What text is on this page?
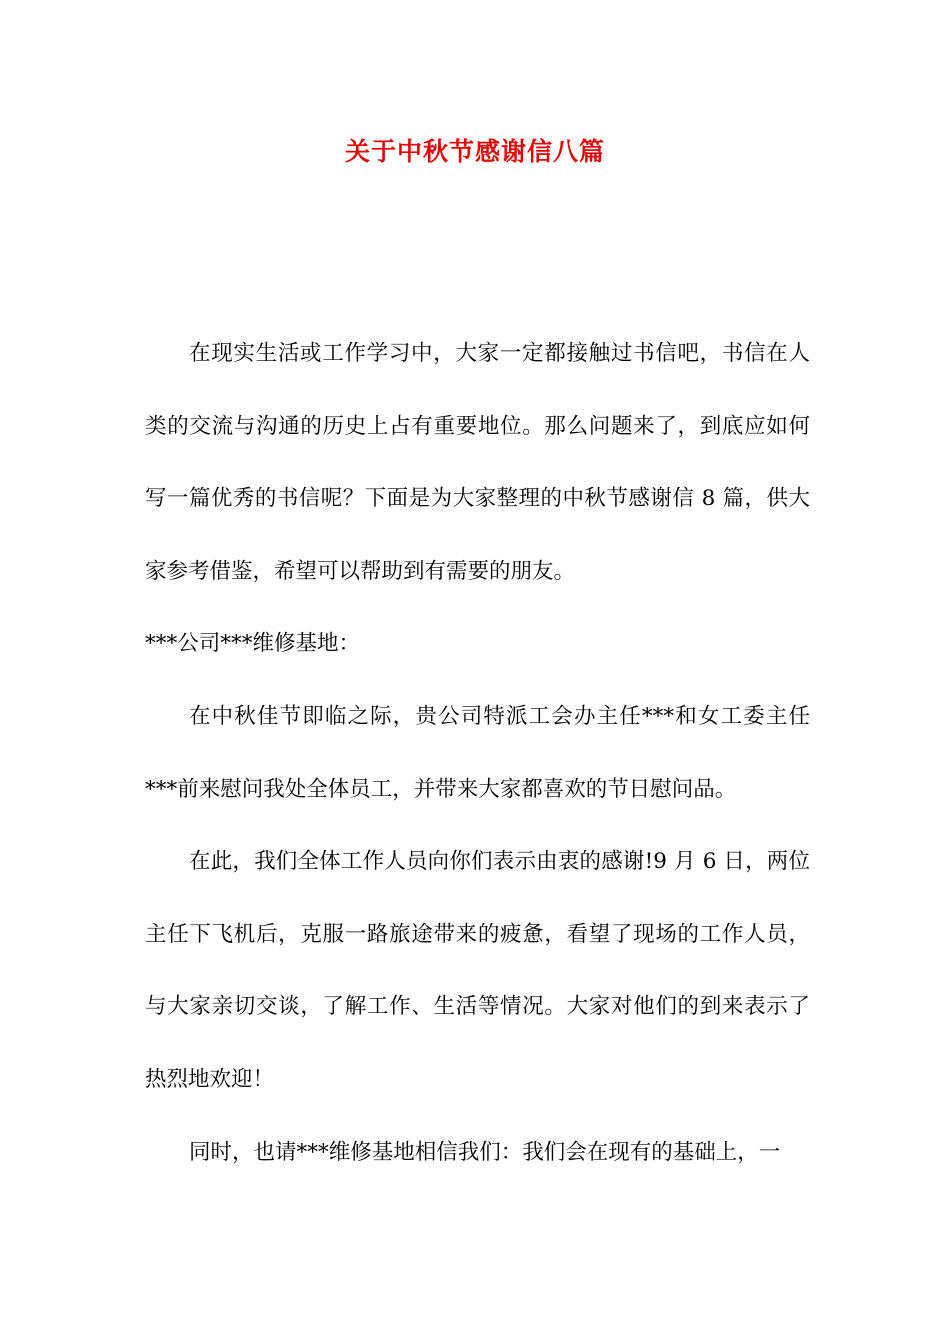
关于中秋节感谢信八篇

在现实生活或工作学习中，大家一定都接触过书信吧，书信在人类的交流与沟通的历史上占有重要地位。那么问题来了，到底应如何写一篇优秀的书信呢？下面是为大家整理的中秋节感谢信 8 篇，供大家参考借鉴，希望可以帮助到有需要的朋友。

***公司***维修基地：

在中秋佳节即临之际，贵公司特派工会办主任***和女工委主任***前来慰问我处全体员工，并带来大家都喜欢的节日慰问品。

在此，我们全体工作人员向你们表示由衷的感谢!9 月 6 日，两位主任下飞机后，克服一路旅途带来的疲惫，看望了现场的工作人员，与大家亲切交谈，了解工作、生活等情况。大家对他们的到来表示了热烈地欢迎！

同时，也请***维修基地相信我们：我们会在现有的基础上，一
